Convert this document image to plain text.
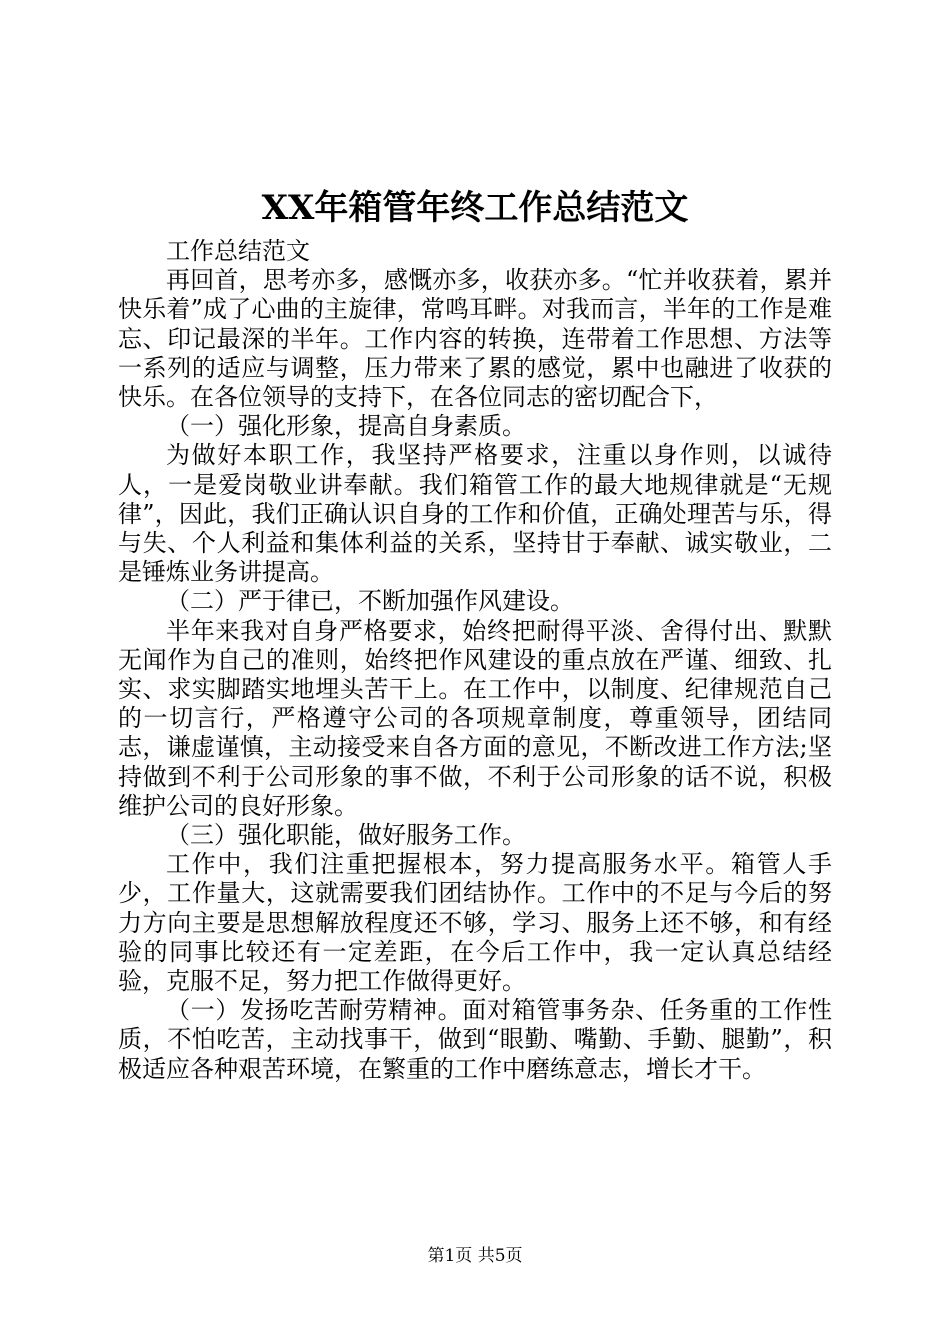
XX年箱管年终工作总结范文

工作总结范文

再回首，思考亦多，感慨亦多，收获亦多。“忙并收获着，累并快乐着”成了心曲的主旋律，常鸣耳畔。对我而言，半年的工作是难忘、印记最深的半年。工作内容的转换，连带着工作思想、方法等一系列的适应与调整，压力带来了累的感觉，累中也融进了收获的快乐。在各位领导的支持下，在各位同志的密切配合下，

（一）强化形象，提高自身素质。

为做好本职工作，我坚持严格要求，注重以身作则，以诚待人，一是爱岗敬业讲奉献。我们箱管工作的最大地规律就是“无规律”，因此，我们正确认识自身的工作和价值，正确处理苦与乐，得与失、个人利益和集体利益的关系，坚持甘于奉献、诚实敬业，二是锤炼业务讲提高。

（二）严于律已，不断加强作风建设。

半年来我对自身严格要求，始终把耐得平淡、舍得付出、默默无闻作为自己的准则，始终把作风建设的重点放在严谨、细致、扎实、求实脚踏实地埋头苦干上。在工作中，以制度、纪律规范自己的一切言行，严格遵守公司的各项规章制度，尊重领导，团结同志，谦虚谨慎，主动接受来自各方面的意见，不断改进工作方法;坚持做到不利于公司形象的事不做，不利于公司形象的话不说，积极维护公司的良好形象。

（三）强化职能，做好服务工作。

工作中，我们注重把握根本，努力提高服务水平。箱管人手少，工作量大，这就需要我们团结协作。工作中的不足与今后的努力方向主要是思想解放程度还不够，学习、服务上还不够，和有经验的同事比较还有一定差距，在今后工作中，我一定认真总结经验，克服不足，努力把工作做得更好。

（一）发扬吃苦耐劳精神。面对箱管事务杂、任务重的工作性质，不怕吃苦，主动找事干，做到“眼勤、嘴勤、手勤、腿勤”，积极适应各种艰苦环境，在繁重的工作中磨练意志，增长才干。

第1页 共5页
